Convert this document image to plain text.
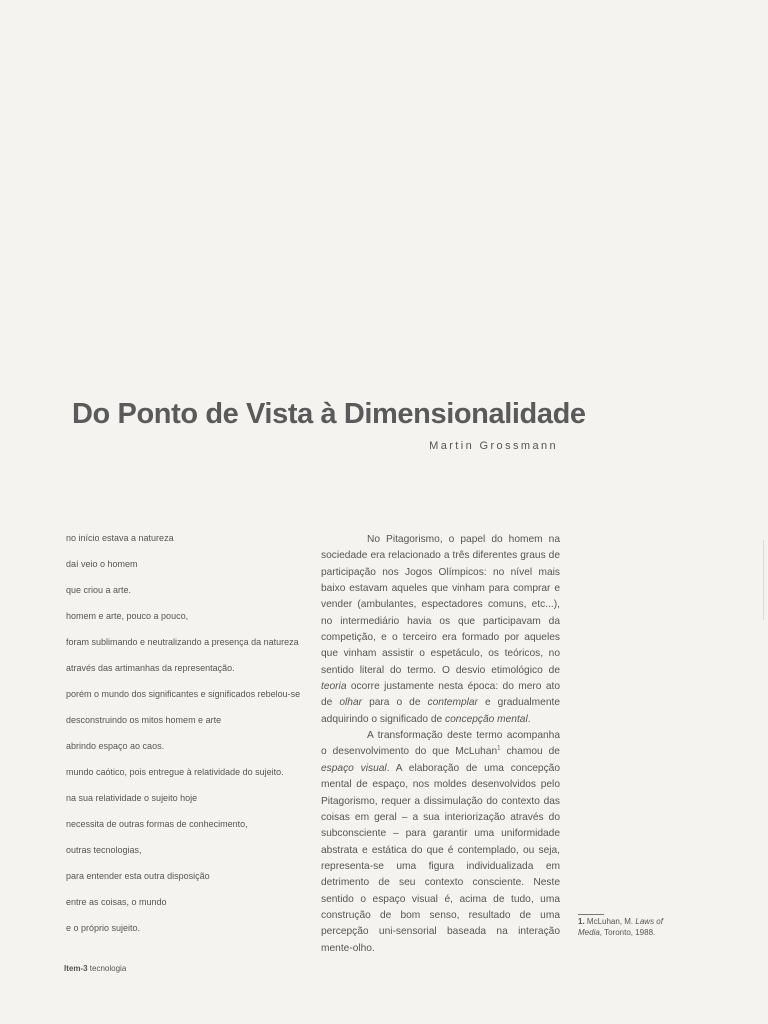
Do Ponto de Vista à Dimensionalidade
Martin Grossmann
no início estava a natureza
daí veio o homem
que criou a arte.
homem e arte, pouco a pouco,
foram sublimando e neutralizando a presença da natureza
através das artimanhas da representação.
porém o mundo dos significantes e significados rebelou-se
desconstruindo os mitos homem e arte
abrindo espaço ao caos.
mundo caótico, pois entregue à relatividade do sujeito.
na sua relatividade o sujeito hoje
necessita de outras formas de conhecimento,
outras tecnologias,
para entender esta outra disposição
entre as coisas, o mundo
e o próprio sujeito.

No Pitagorismo, o papel do homem na sociedade era relacionado a três diferentes graus de participação nos Jogos Olímpicos: no nível mais baixo estavam aqueles que vinham para comprar e vender (ambulantes, espectadores comuns, etc...), no intermediário havia os que participavam da competição, e o terceiro era formado por aqueles que vinham assistir o espetáculo, os teóricos, no sentido literal do termo. O desvio etimológico de teoria ocorre justamente nesta época: do mero ato de olhar para o de contemplar e gradualmente adquirindo o significado de concepção mental.

A transformação deste termo acompanha o desenvolvimento do que McLuhan$^1$ chamou de espaço visual. A elaboração de uma concepção mental de espaço, nos moldes desenvolvidos pelo Pitagorismo, requer a dissimulação do contexto das coisas em geral – a sua interiorização através do subconsciente – para garantir uma uniformidade abstrata e estática do que é contemplado, ou seja, representa-se uma figura individualizada em detrimento de seu contexto consciente. Neste sentido o espaço visual é, acima de tudo, uma construção de bom senso, resultado de uma percepção uni-sensorial baseada na interação mente-olho.

1. McLuhan, M. Laws of Media, Toronto, 1988.
Item-3 tecnologia
